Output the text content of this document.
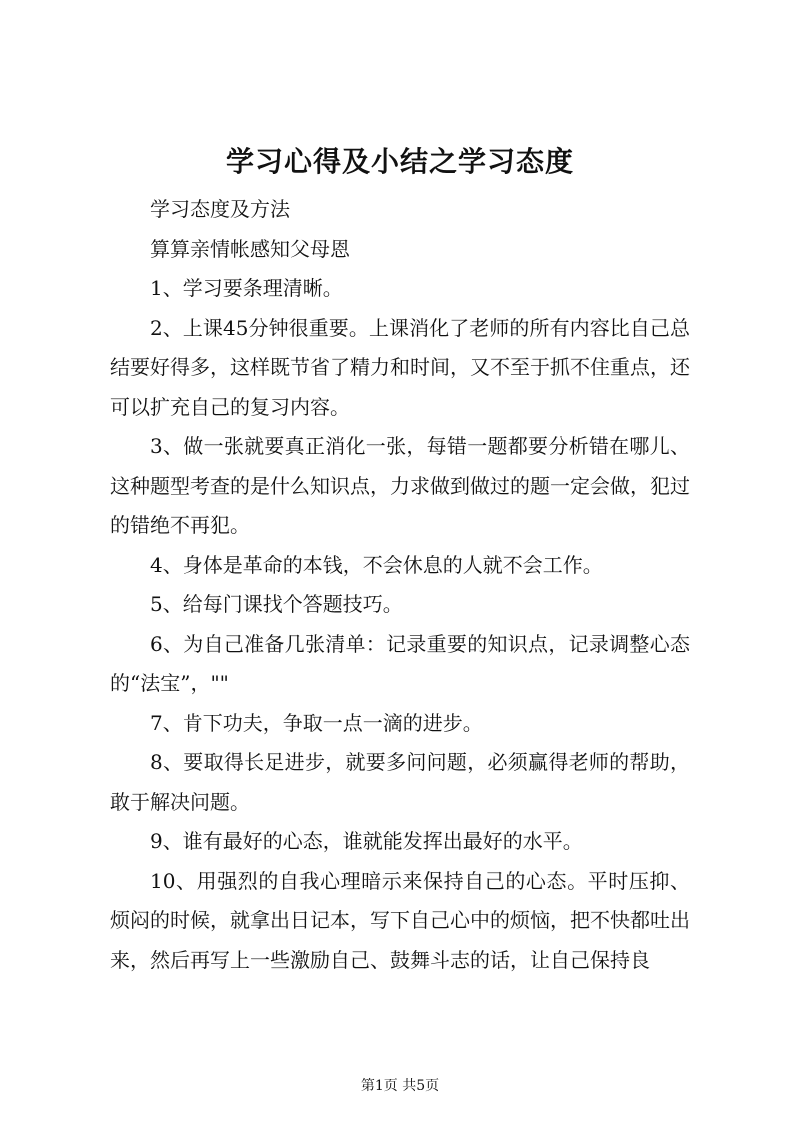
学习心得及小结之学习态度

学习态度及方法

算算亲情帐感知父母恩

1、学习要条理清晰。

2、上课45分钟很重要。上课消化了老师的所有内容比自己总结要好得多，这样既节省了精力和时间，又不至于抓不住重点，还可以扩充自己的复习内容。

3、做一张就要真正消化一张，每错一题都要分析错在哪儿、这种题型考查的是什么知识点，力求做到做过的题一定会做，犯过的错绝不再犯。

4、身体是革命的本钱，不会休息的人就不会工作。

5、给每门课找个答题技巧。

6、为自己准备几张清单：记录重要的知识点，记录调整心态的“法宝”，""

7、肯下功夫，争取一点一滴的进步。

8、要取得长足进步，就要多问问题，必须赢得老师的帮助，敢于解决问题。

9、谁有最好的心态，谁就能发挥出最好的水平。

10、用强烈的自我心理暗示来保持自己的心态。平时压抑、烦闷的时候，就拿出日记本，写下自己心中的烦恼，把不快都吐出来，然后再写上一些激励自己、鼓舞斗志的话，让自己保持良

第1页 共5页
